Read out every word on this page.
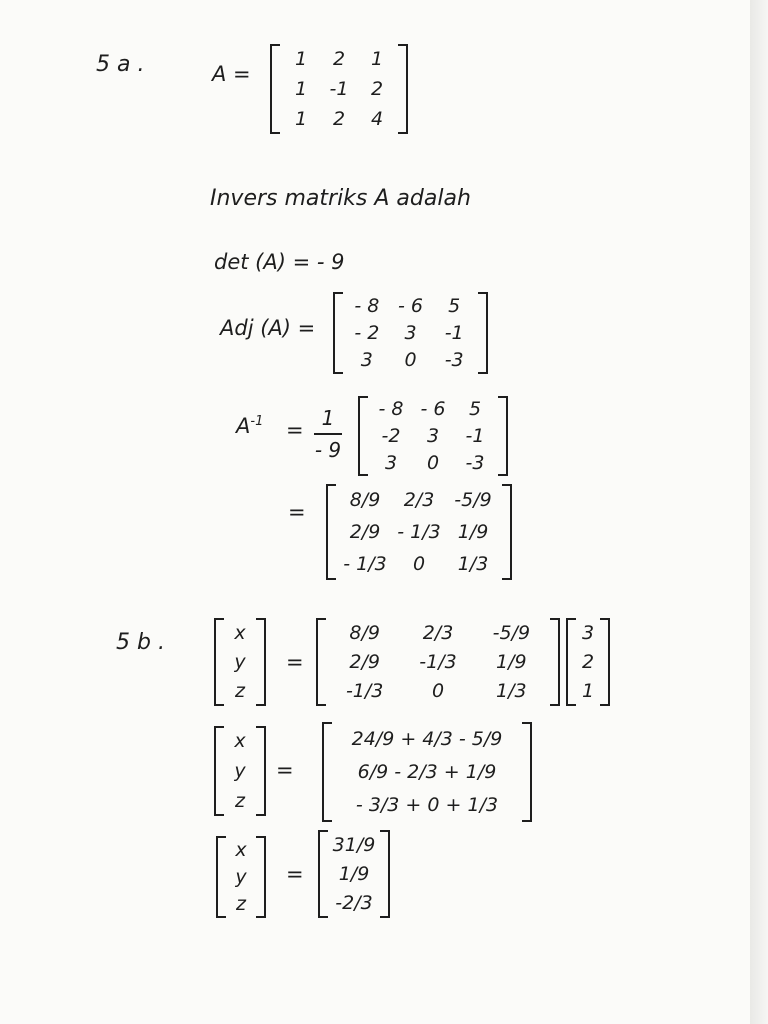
5 a .	A =
1	2	1
1	-1	2
1	2	4
Invers matriks A adalah
det (A) = - 9
Adj (A) =
- 8 - 6	5
- 2	3	-1
3	0	-3
$A^{-1} = 1$
- 9
- 8 - 6	5
-2	3	-1
3	0	-3
=	8/9	2/3	-5/9
2/9 - 1/3 1/9
- 1/3	0	1/3
5 b .	x
y
z
=
8/9	2/3	-5/9
2/9	-1/3	1/9
-1/3	0	1/3
3
2
1
x
y
z
=
24/9 + 4/3 - 5/9
6/9 - 2/3 + 1/9
- 3/3 + 0 + 1/3
x
y
z
=
31/9
1/9
-2/3
